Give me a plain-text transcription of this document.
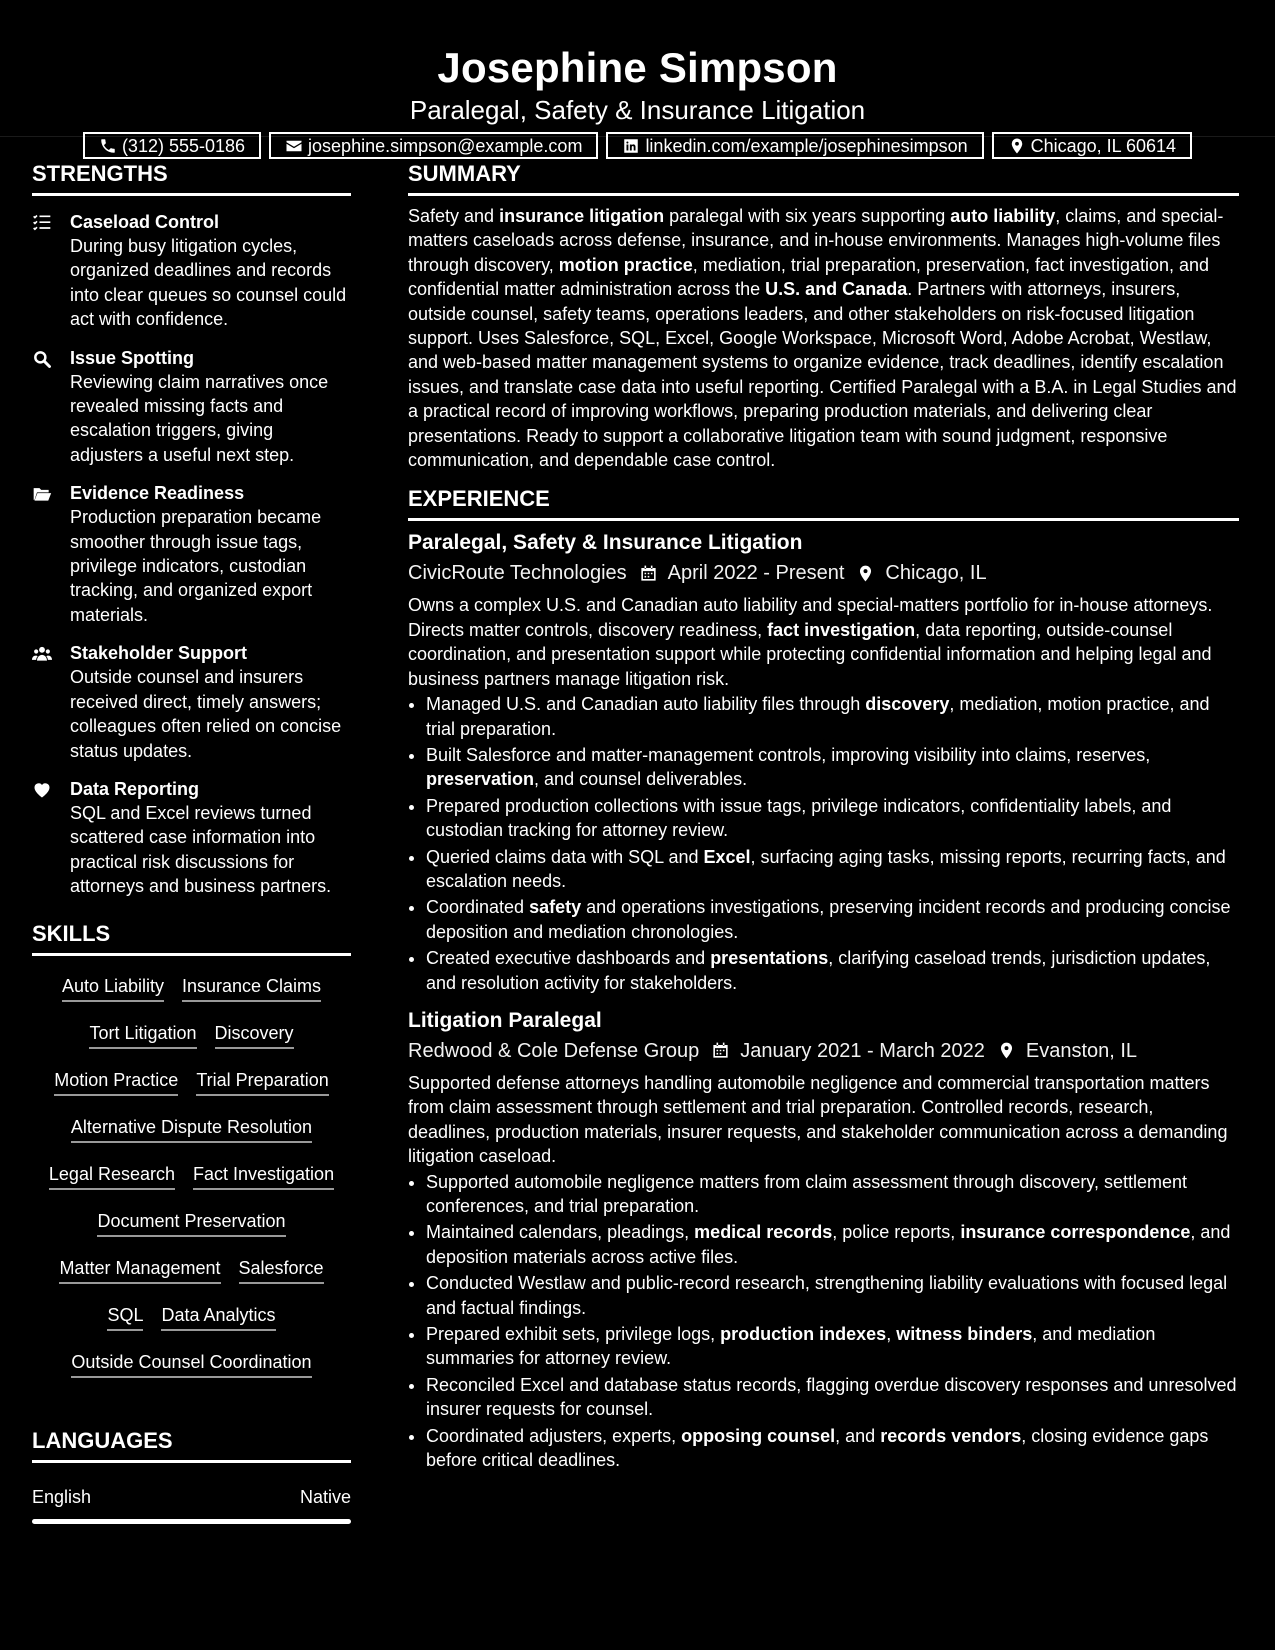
Josephine Simpson
Paralegal, Safety & Insurance Litigation
(312) 555-0186	josephine.simpson@example.com	linkedin.com/example/josephinesimpson	Chicago, IL 60614
STRENGTHS
Caseload Control
During busy litigation cycles, organized deadlines and records into clear queues so counsel could act with confidence.
Issue Spotting
Reviewing claim narratives once revealed missing facts and escalation triggers, giving adjusters a useful next step.
Evidence Readiness
Production preparation became smoother through issue tags, privilege indicators, custodian tracking, and organized export materials.
Stakeholder Support
Outside counsel and insurers received direct, timely answers; colleagues often relied on concise status updates.
Data Reporting
SQL and Excel reviews turned scattered case information into practical risk discussions for attorneys and business partners.
SKILLS
Auto Liability Insurance Claims
Tort Litigation Discovery
Motion Practice Trial Preparation
Alternative Dispute Resolution
Legal Research Fact Investigation
Document Preservation
Matter Management Salesforce
SQL Data Analytics
Outside Counsel Coordination
LANGUAGES
English	Native
SUMMARY

Safety and insurance litigation paralegal with six years supporting auto liability, claims, and special-matters caseloads across defense, insurance, and in-house environments. Manages high-volume files through discovery, motion practice, mediation, trial preparation, preservation, fact investigation, and confidential matter administration across the U.S. and Canada. Partners with attorneys, insurers, outside counsel, safety teams, operations leaders, and other stakeholders on risk-focused litigation support. Uses Salesforce, SQL, Excel, Google Workspace, Microsoft Word, Adobe Acrobat, Westlaw, and web-based matter management systems to organize evidence, track deadlines, identify escalation issues, and translate case data into useful reporting. Certified Paralegal with a B.A. in Legal Studies and a practical record of improving workflows, preparing production materials, and delivering clear presentations. Ready to support a collaborative litigation team with sound judgment, responsive communication, and dependable case control.

EXPERIENCE
Paralegal, Safety & Insurance Litigation
CivicRoute Technologies April 2022 - Present Chicago, IL

Owns a complex U.S. and Canadian auto liability and special-matters portfolio for in-house attorneys. Directs matter controls, discovery readiness, fact investigation, data reporting, outside-counsel coordination, and presentation support while protecting confidential information and helping legal and business partners manage litigation risk.

• Managed U.S. and Canadian auto liability files through discovery, mediation, motion practice, and trial preparation.
• Built Salesforce and matter-management controls, improving visibility into claims, reserves, preservation, and counsel deliverables.
• Prepared production collections with issue tags, privilege indicators, confidentiality labels, and custodian tracking for attorney review.
• Queried claims data with SQL and Excel, surfacing aging tasks, missing reports, recurring facts, and escalation needs.
• Coordinated safety and operations investigations, preserving incident records and producing concise deposition and mediation chronologies.
• Created executive dashboards and presentations, clarifying caseload trends, jurisdiction updates, and resolution activity for stakeholders.
Litigation Paralegal
Redwood & Cole Defense Group January 2021 - March 2022 Evanston, IL

Supported defense attorneys handling automobile negligence and commercial transportation matters from claim assessment through settlement and trial preparation. Controlled records, research, deadlines, production materials, insurer requests, and stakeholder communication across a demanding litigation caseload.

• Supported automobile negligence matters from claim assessment through discovery, settlement conferences, and trial preparation.
• Maintained calendars, pleadings, medical records, police reports, insurance correspondence, and deposition materials across active files.
• Conducted Westlaw and public-record research, strengthening liability evaluations with focused legal and factual findings.
• Prepared exhibit sets, privilege logs, production indexes, witness binders, and mediation summaries for attorney review.
• Reconciled Excel and database status records, flagging overdue discovery responses and unresolved insurer requests for counsel.
• Coordinated adjusters, experts, opposing counsel, and records vendors, closing evidence gaps before critical deadlines.
